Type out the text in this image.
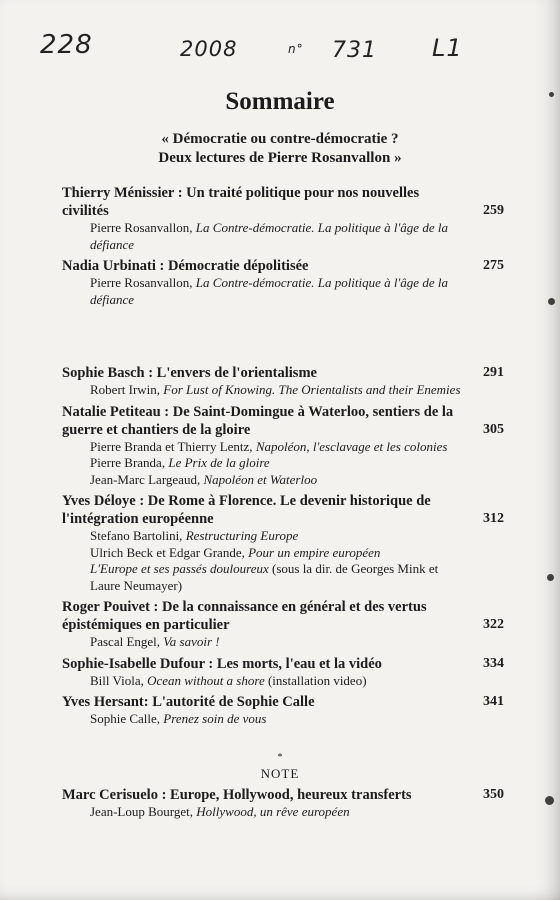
228	2008	n° 731 L1
Sommaire
« Démocratie ou contre-démocratie ?
Deux lectures de Pierre Rosanvallon »
Thierry Ménissier : Un traité politique pour nos nouvelles civilités	259
Pierre Rosanvallon, La Contre-démocratie. La politique à l'âge de la défiance
Nadia Urbinati : Démocratie dépolitisée	275
Pierre Rosanvallon, La Contre-démocratie. La politique à l'âge de la défiance
Sophie Basch : L'envers de l'orientalisme	291
Robert Irwin, For Lust of Knowing. The Orientalists and their Enemies
Natalie Petiteau : De Saint-Domingue à Waterloo, sentiers de la guerre et chantiers de la gloire	305
Pierre Branda et Thierry Lentz, Napoléon, l'esclavage et les colonies
Pierre Branda, Le Prix de la gloire
Jean-Marc Largeaud, Napoléon et Waterloo
Yves Déloye : De Rome à Florence. Le devenir historique de l'intégration européenne	312
Stefano Bartolini, Restructuring Europe
Ulrich Beck et Edgar Grande, Pour un empire européen
L'Europe et ses passés douloureux (sous la dir. de Georges Mink et Laure Neumayer)
Roger Pouivet : De la connaissance en général et des vertus épistémiques en particulier	322
Pascal Engel, Va savoir !
Sophie-Isabelle Dufour : Les morts, l'eau et la vidéo	334
Bill Viola, Ocean without a shore (installation video)
Yves Hersant: L'autorité de Sophie Calle	341
Sophie Calle, Prenez soin de vous
*
NOTE
Marc Cerisuelo : Europe, Hollywood, heureux transferts	350
Jean-Loup Bourget, Hollywood, un rêve européen
